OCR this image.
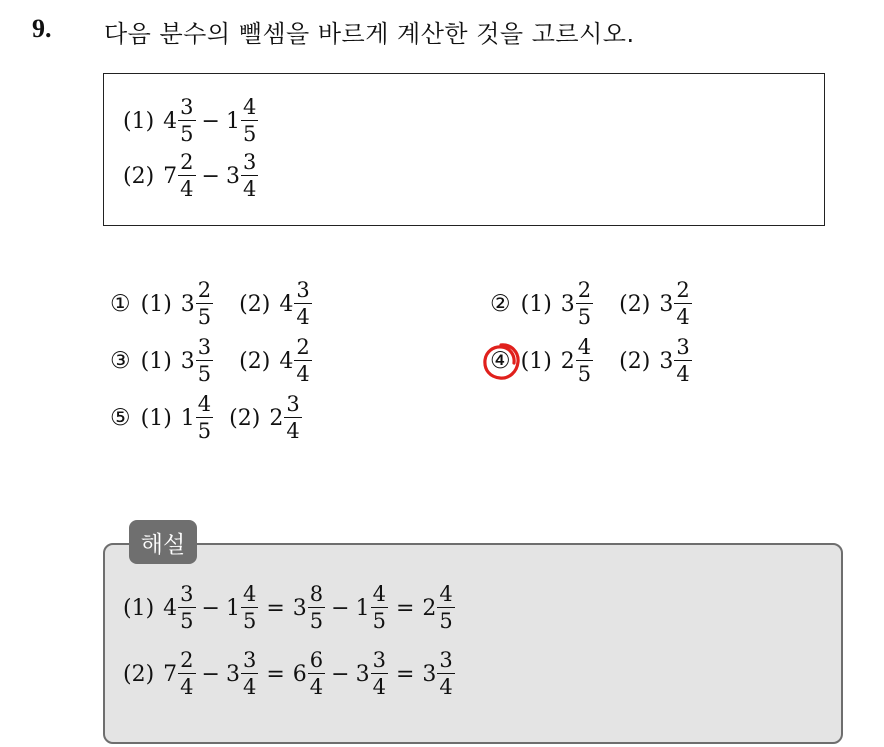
9. 다음 분수의 뺄셈을 바르게 계산한 것을 고르시오.
(1) $4 \frac{3}{5} - 1 \frac{4}{5}$
(2) $7 \frac{2}{4} - 3 \frac{3}{4}$
① (1) $3 \frac{2}{5} (2)$ $4 \frac{3}{4}$	② (1) $3 \frac{2}{5} (2)$ $3 \frac{2}{4}$
③ (1) $3 \frac{3}{5} (2)$ $4 \frac{2}{4}$	④ (1) $2 \frac{4}{5} (2)$ $3 \frac{3}{4}$
⑤ (1) $1 \frac{4}{5} (2)$ $2 \frac{3}{4}$
해설
(1) $4 \frac{3}{5} - 1 \frac{4}{5} = 3 \frac{8}{5} - 1 \frac{4}{5} = 2 \frac{4}{5}$
(2) $7 \frac{2}{4} - 3 \frac{3}{4} = 6 \frac{6}{4} - 3 \frac{3}{4} = 3 \frac{3}{4}$
